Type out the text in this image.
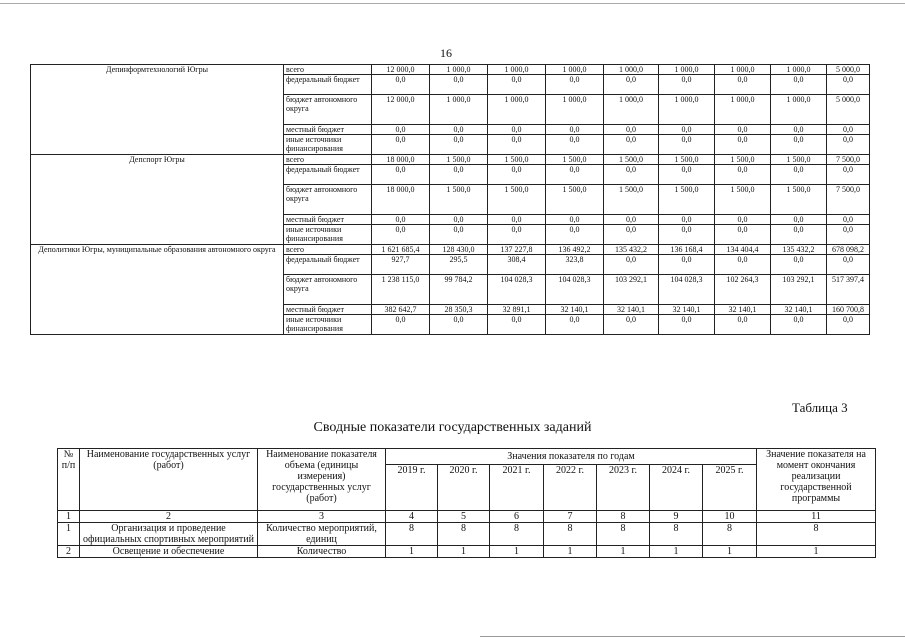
16
Депинформтехнологий Югры	всего	12 000,0	1 000,0	1 000,0	1 000,0	1 000,0	1 000,0	1 000,0	1 000,0	5 000,0
	федеральный бюджет	0,0	0,0	0,0	0,0	0,0	0,0	0,0	0,0	0,0
	бюджет автономного округа	12 000,0	1 000,0	1 000,0	1 000,0	1 000,0	1 000,0	1 000,0	1 000,0	5 000,0
	местный бюджет	0,0	0,0	0,0	0,0	0,0	0,0	0,0	0,0	0,0
	иные источники финансирования	0,0	0,0	0,0	0,0	0,0	0,0	0,0	0,0	0,0
Депспорт Югры	всего	18 000,0	1 500,0	1 500,0	1 500,0	1 500,0	1 500,0	1 500,0	1 500,0	7 500,0
	федеральный бюджет	0,0	0,0	0,0	0,0	0,0	0,0	0,0	0,0	0,0
	бюджет автономного округа	18 000,0	1 500,0	1 500,0	1 500,0	1 500,0	1 500,0	1 500,0	1 500,0	7 500,0
	местный бюджет	0,0	0,0	0,0	0,0	0,0	0,0	0,0	0,0	0,0
	иные источники финансирования	0,0	0,0	0,0	0,0	0,0	0,0	0,0	0,0	0,0
Деполитики Югры, муниципальные образования автономного округа	всего	1 621 685,4	128 430,0	137 227,8	136 492,2	135 432,2	136 168,4	134 404,4	135 432,2	678 098,2
	федеральный бюджет	927,7	295,5	308,4	323,8	0,0	0,0	0,0	0,0	0,0
	бюджет автономного округа	1 238 115,0	99 784,2	104 028,3	104 028,3	103 292,1	104 028,3	102 264,3	103 292,1	517 397,4
	местный бюджет	382 642,7	28 350,3	32 891,1	32 140,1	32 140,1	32 140,1	32 140,1	32 140,1	160 700,8
	иные источники финансирования	0,0	0,0	0,0	0,0	0,0	0,0	0,0	0,0	0,0
Таблица 3
Сводные показатели государственных заданий
№ п/п	Наименование государственных услуг (работ)	Наименование показателя объема (единицы измерения) государственных услуг (работ)	Значения показателя по годам							Значение показателя на момент окончания реализации государственной программы
			2019 г.	2020 г.	2021 г.	2022 г.	2023 г.	2024 г.	2025 г.	
1	2	3	4	5	6	7	8	9	10	11
1	Организация и проведение официальных спортивных мероприятий	Количество мероприятий, единиц	8	8	8	8	8	8	8	8
2	Освещение и обеспечение	Количество	1	1	1	1	1	1	1	1
